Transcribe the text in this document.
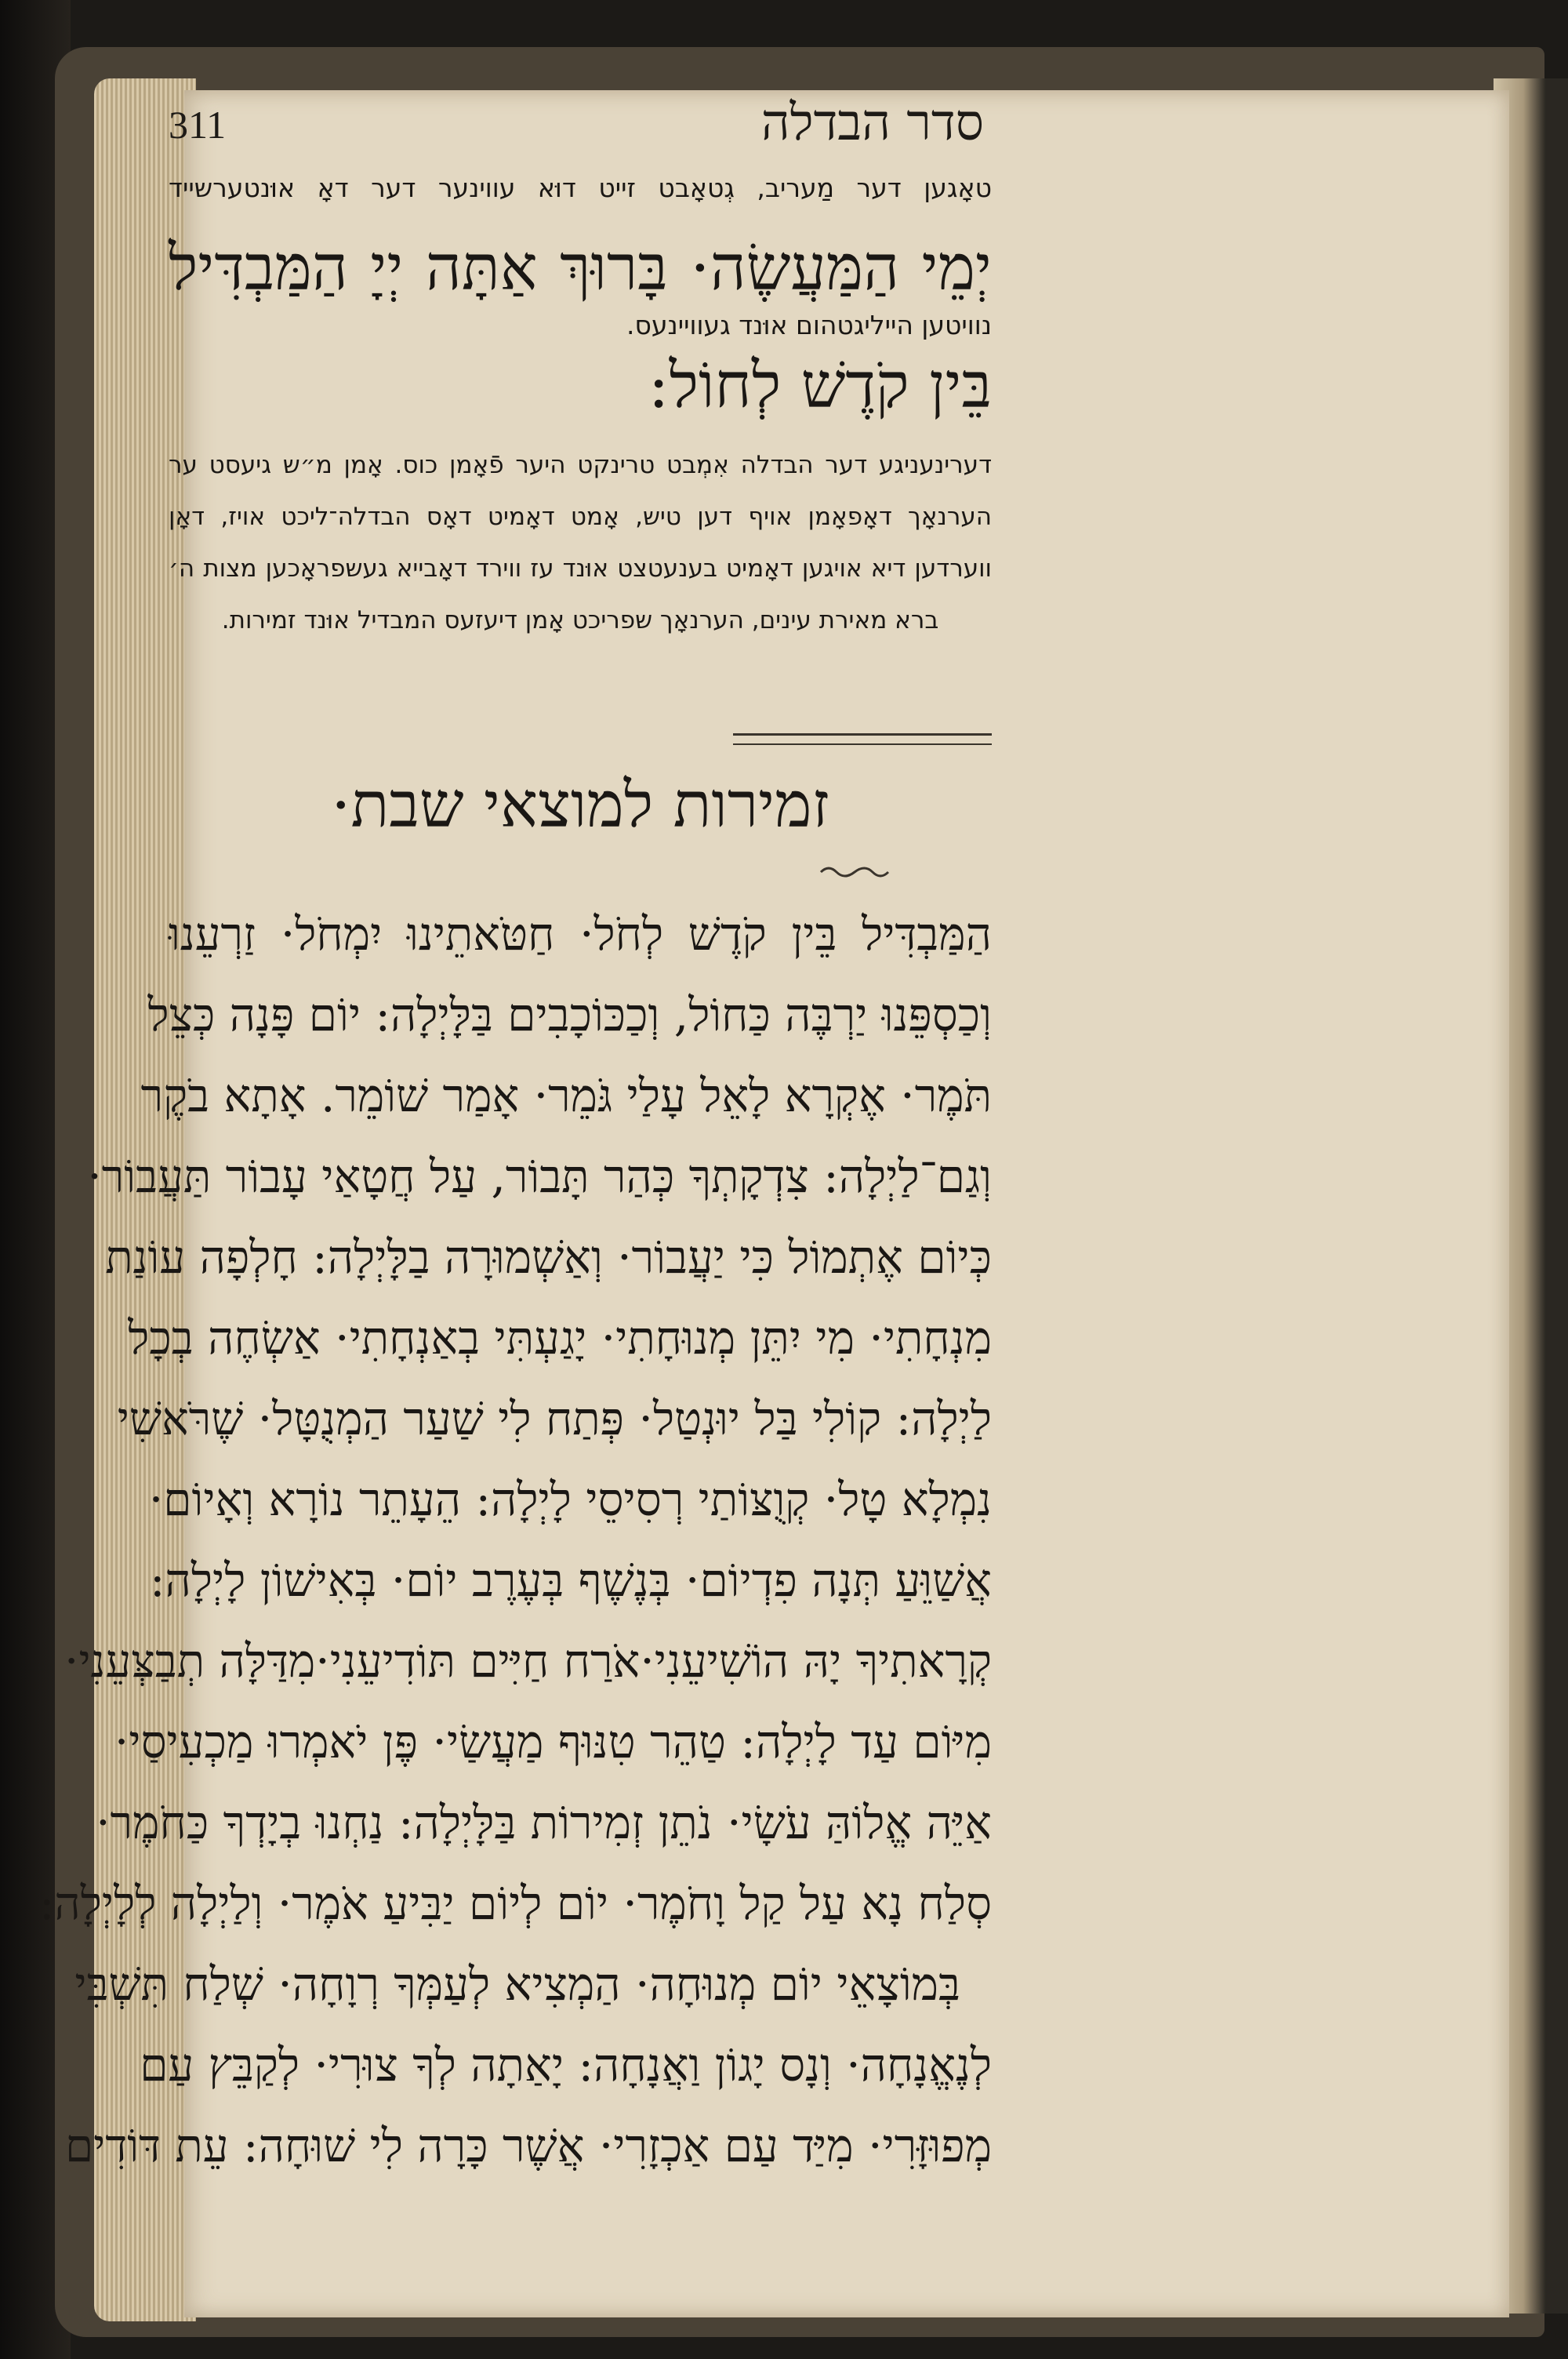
311	סדר הבדלה
טאָגען דער מַעריב, גְטאָבט זייט דוּא עווינער דער דאָ אוּנטערשייד
יְמֵי הַמַּעֲשֶׂה· בָּרוּךְ אַתָּה יְיָ הַמַּבְדִּיל
נוויטען הייליגטהום אוּנד געוויינעס.
בֵּין קֹדֶשׁ לְחוֹל:
דערינעניגע דער הבדלה אִמְבט טרינקט היער פֿאָמן כוס. אָמן מ״ש גיעסט ער
הערנאָך דאָפאָמן אויף דען טיש, אָמט דאָמיט דאָס הבדלה־ליכט אויז, דאָן
ווערדען דיא אויגען דאָמיט בענעטצט אוּנד עז ווירד דאָבייא געשפראָכען מצות ה׳
ברא מאירת עינים, הערנאָך שפריכט אָמן דיעזעס המבדיל אוּנד זמירות.
זמירות למוצאי שבת·
הַמַּבְדִּיל בֵּין קֹדֶשׁ לְחֹל· חַטֹּאתֵינוּ יִמְחֹל· זַרְעֵנוּ
וְכַסְפֵּנוּ יַרְבֶּה כַּחוֹל, וְכַכּוֹכָבִים בַּלָּיְלָה: יוֹם פָּנָה כְּצֵל
תֹּמֶר· אֶקְרָא לָאֵל עָלַי גֹּמֵר· אָמַר שׁוֹמֵר. אָתָא בֹקֶר
וְגַם־לַיְלָה: צִדְקָתְךָ כְּהַר תָּבוֹר, עַל חֲטָאַי עָבוֹר תַּעֲבוֹר·
כְּיוֹם אֶתְמוֹל כִּי יַעֲבוֹר· וְאַשְׁמוּרָה בַלָּיְלָה: חָלְפָה עוֹנַת
מִנְחָתִי· מִי יִתֵּן מְנוּחָתִי· יָגַעְתִּי בְאַנְחָתִי· אַשְׂחֶה בְכָל
לַיְלָה: קוֹלִי בַּל יוּנְטַל· פְּתַח לִי שַׁעַר הַמְנֻטָּל· שֶׁרֹּאשִׁי
נִמְלָא טָל· קְוֻצּוֹתַי רְסִיסֵי לָיְלָה: הֵעָתֵר נוֹרָא וְאָיוֹם·
אֲשַׁוֵּעַ תְּנָה פִדְיוֹם· בְּנֶשֶׁף בְּעֶרֶב יוֹם· בְּאִישׁוֹן לָיְלָה:
קְרָאתִיךָ יָהּ הוֹשִׁיעֵנִי·אֹרַח חַיִּים תּוֹדִיעֵנִי·מִדַּלָּה תְבַצְּעֵנִי·
מִיּוֹם עַד לָיְלָה: טַהֵר טִנּוּף מַעֲשַׂי· פֶּן יֹאמְרוּ מַכְעִיסַי·
אַיֵּה אֱלוֹהַּ עֹשָׂי· נֹתֵן זְמִירוֹת בַּלָּיְלָה: נַחְנוּ בְיָדְךָ כַּחֹמֶר·
סְלַח נָא עַל קַל וָחֹמֶר· יוֹם לְיוֹם יַבִּיעַ אֹמֶר· וְלַיְלָה לְלָיְלָה:
בְּמוֹצָאֵי יוֹם מְנוּחָה· הַמְצִיא לְעַמְּךָ רְוָחָה· שְׁלַח תִּשְׁבִּי
לְנֶאֱנָחָה· וְנָס יָגוֹן וַאֲנָחָה: יָאַתָה לְךָ צוּרִי· לְקַבֵּץ עַם
מְפוּזָּרִי· מִיַּד עַם אַכְזָרִי· אֲשֶׁר כָּרָה לִי שׁוּחָה: עֵת דּוֹדִים
